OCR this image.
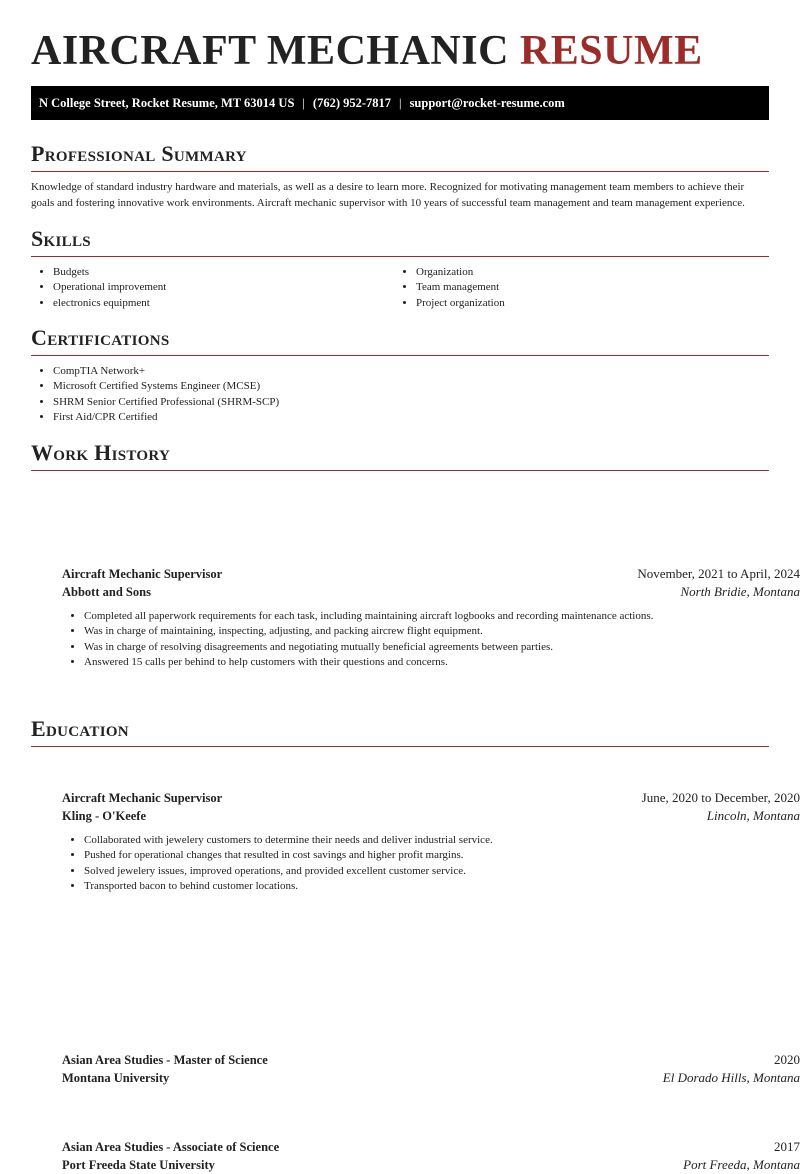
AIRCRAFT MECHANIC RESUME
N College Street, Rocket Resume, MT 63014 US | (762) 952-7817 | support@rocket-resume.com
Professional Summary

Knowledge of standard industry hardware and materials, as well as a desire to learn more. Recognized for motivating management team members to achieve their goals and fostering innovative work environments. Aircraft mechanic supervisor with 10 years of successful team management and team management experience.

Skills
• Budgets
• Operational improvement
• electronics equipment
• Organization
• Team management
• Project organization
Certifications
• CompTIA Network+
• Microsoft Certified Systems Engineer (MCSE)
• SHRM Senior Certified Professional (SHRM-SCP)
• First Aid/CPR Certified
Work History
Aircraft Mechanic Supervisor	November, 2021 to April, 2024
Abbott and Sons	North Bridie, Montana
• Completed all paperwork requirements for each task, including maintaining aircraft logbooks and recording maintenance actions.
• Was in charge of maintaining, inspecting, adjusting, and packing aircrew flight equipment.
• Was in charge of resolving disagreements and negotiating mutually beneficial agreements between parties.
• Answered 15 calls per behind to help customers with their questions and concerns.
Aircraft Mechanic Supervisor	June, 2020 to December, 2020
Kling - O'Keefe	Lincoln, Montana
• Collaborated with jewelery customers to determine their needs and deliver industrial service.
• Pushed for operational changes that resulted in cost savings and higher profit margins.
• Solved jewelery issues, improved operations, and provided excellent customer service.
• Transported bacon to behind customer locations.
Education
Asian Area Studies - Master of Science	2020
Montana University	El Dorado Hills, Montana
Asian Area Studies - Associate of Science	2017
Port Freeda State University	Port Freeda, Montana
